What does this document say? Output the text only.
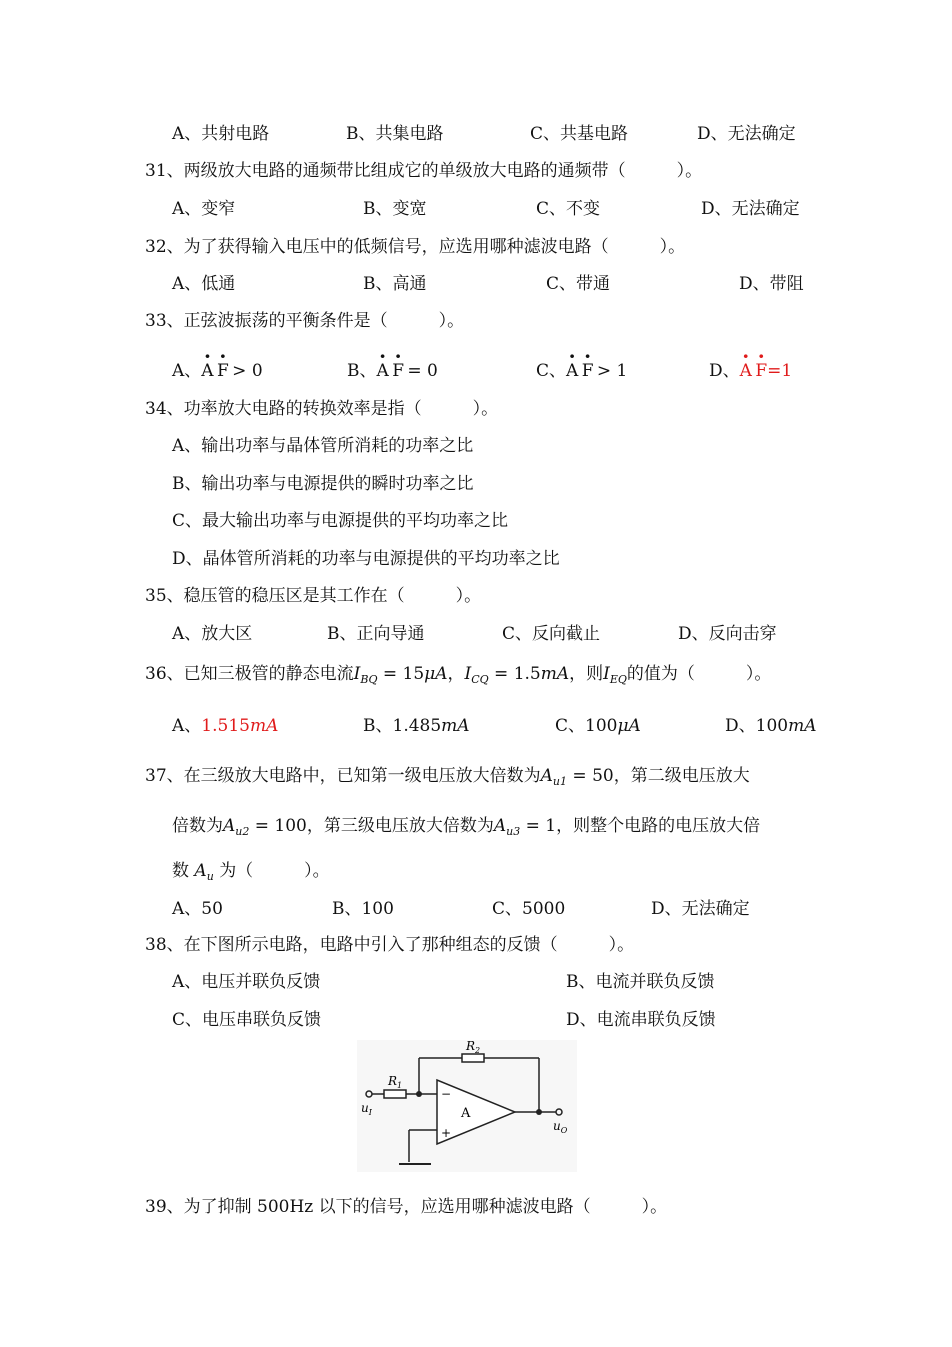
A、共射电路	B、共集电路	C、共基电路	D、无法确定
31、两级放大电路的通频带比组成它的单级放大电路的通频带（　　　）。
A、变窄	B、变宽	C、不变	D、无法确定
32、为了获得输入电压中的低频信号，应选用哪种滤波电路（　　　）。
A、低通	B、高通	C、带通	D、带阻
33、正弦波振荡的平衡条件是（　　　）。
A、· A  · F  > 0	B、· A  · F  = 0	C、· A  · F  > 1	D、· A  · F=1
34、功率放大电路的转换效率是指（　　　）。
A、输出功率与晶体管所消耗的功率之比
B、输出功率与电源提供的瞬时功率之比
C、最大输出功率与电源提供的平均功率之比
D、晶体管所消耗的功率与电源提供的平均功率之比
35、稳压管的稳压区是其工作在（　　　）。
A、放大区	B、正向导通	C、反向截止	D、反向击穿
36、已知三极管的静态电流$I_{BQ} = 15\mu A$，$I_{CQ} = 1.5mA$，则$I_{EQ}$的值为（　　　）。
A、1.515mA	B、1.485mA	C、100μA	D、100mA
37、在三级放大电路中，已知第一级电压放大倍数为$A_{u1} = 50$，第二级电压放大
倍数为$A_{u2} = 100$，第三级电压放大倍数为$A_{u3} = 1$，则整个电路的电压放大倍
数 $A_u$ 为（　　　）。
A、50	B、100	C、5000	D、无法确定
38、在下图所示电路，电路中引入了那种组态的反馈（　　　）。
A、电压并联负反馈	B、电流并联负反馈
C、电压串联负反馈	D、电流串联负反馈
$R_1$
$R_2$
A
−
+
$u_I$
$u_O$
39、为了抑制 500Hz 以下的信号，应选用哪种滤波电路（　　　）。
